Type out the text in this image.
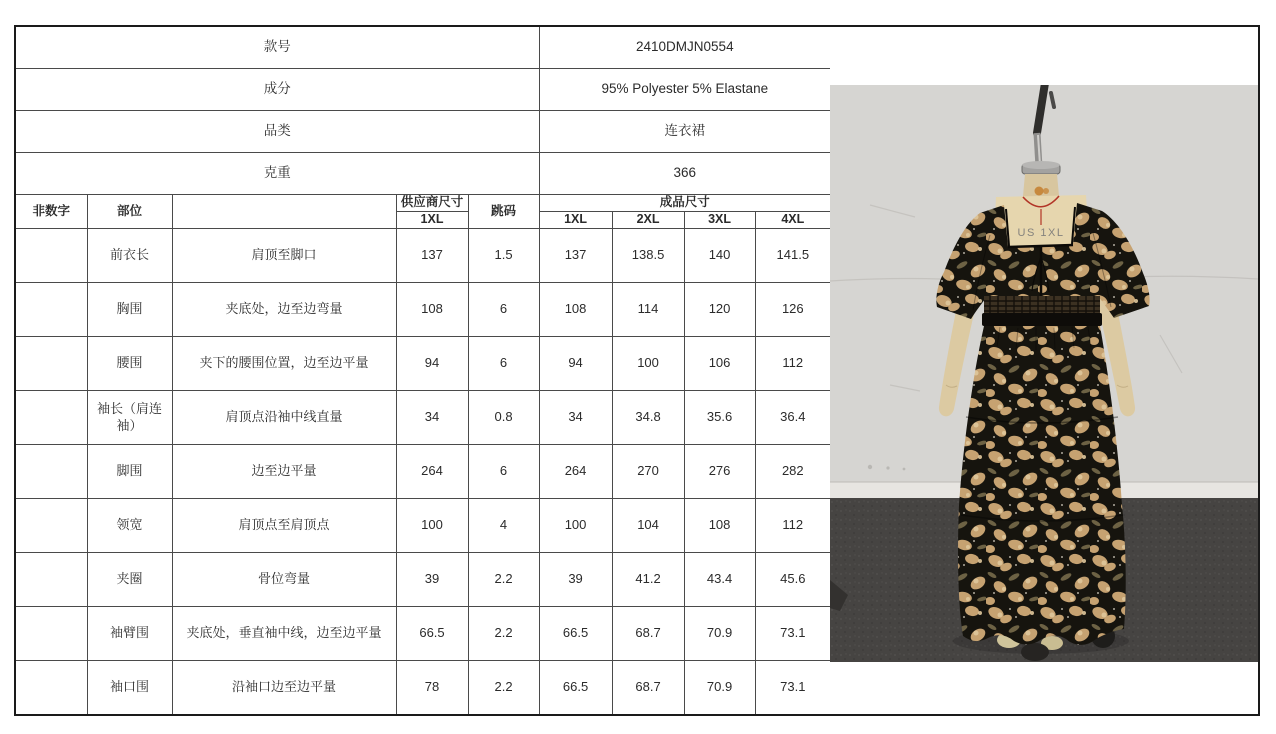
款号					2410DMJN0554			
成分					95% Polyester 5% Elastane			
品类					连衣裙			
克重					366			
非数字	部位		供应商尺寸	跳码	成品尺寸			
			1XL		1XL	2XL	3XL	4XL
	前衣长	肩顶至脚口	137	1.5	137	138.5	140	141.5
	胸围	夹底处，边至边弯量	108	6	108	114	120	126
	腰围	夹下的腰围位置，边至边平量	94	6	94	100	106	112
	袖长（肩连袖）	肩顶点沿袖中线直量	34	0.8	34	34.8	35.6	36.4
	脚围	边至边平量	264	6	264	270	276	282
	领宽	肩顶点至肩顶点	100	4	100	104	108	112
	夹圈	骨位弯量	39	2.2	39	41.2	43.4	45.6
	袖臂围	夹底处，垂直袖中线，边至边平量	66.5	2.2	66.5	68.7	70.9	73.1
	袖口围	沿袖口边至边平量	78	2.2	66.5	68.7	70.9	73.1
US 1XL
